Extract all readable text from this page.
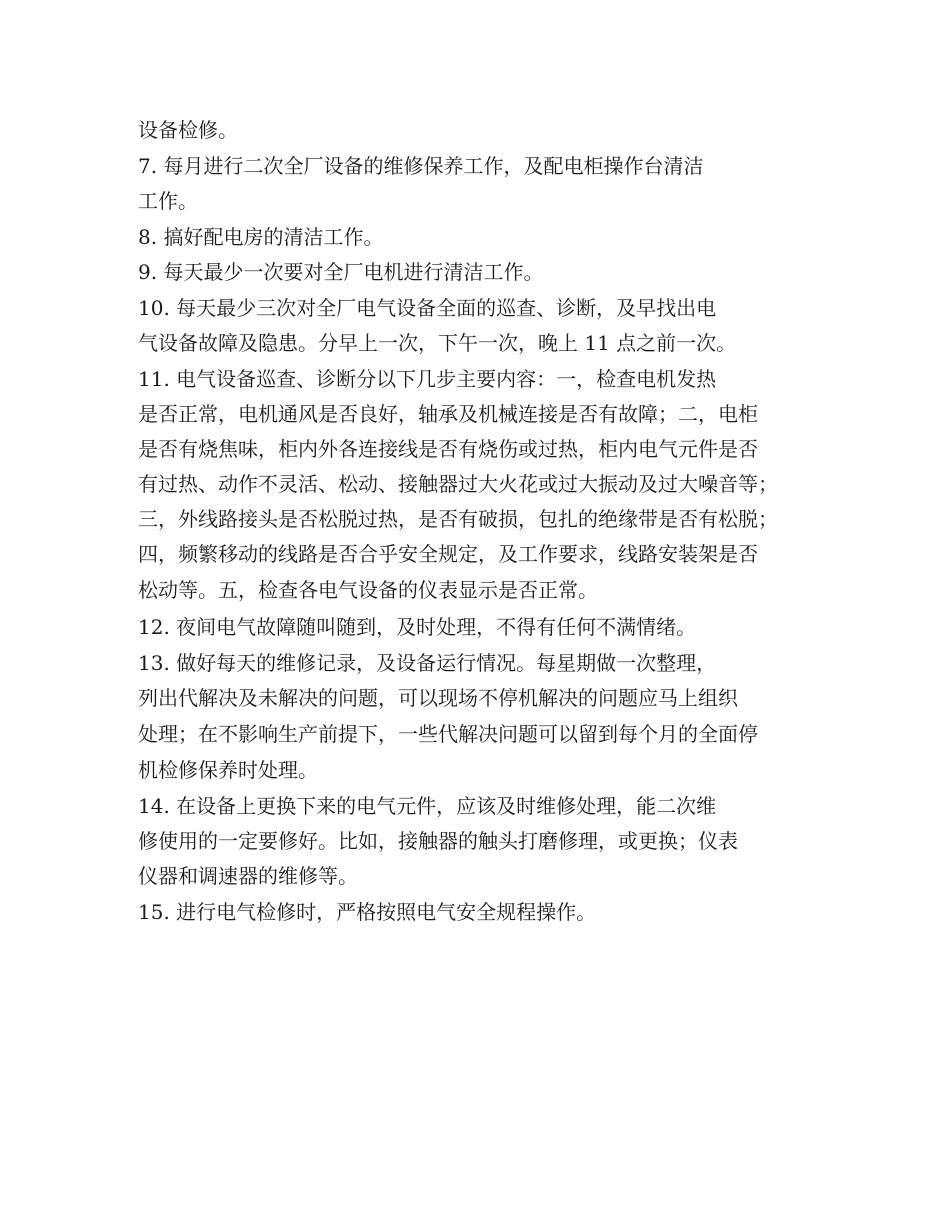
设备检修。
7. 每月进行二次全厂设备的维修保养工作，及配电柜操作台清洁
工作。
8. 搞好配电房的清洁工作。
9. 每天最少一次要对全厂电机进行清洁工作。
10. 每天最少三次对全厂电气设备全面的巡查、诊断，及早找出电
气设备故障及隐患。分早上一次，下午一次，晚上 11 点之前一次。
11. 电气设备巡查、诊断分以下几步主要内容：一，检查电机发热
是否正常，电机通风是否良好，轴承及机械连接是否有故障；二，电柜
是否有烧焦味，柜内外各连接线是否有烧伤或过热，柜内电气元件是否
有过热、动作不灵活、松动、接触器过大火花或过大振动及过大噪音等；
三，外线路接头是否松脱过热，是否有破损，包扎的绝缘带是否有松脱；
四，频繁移动的线路是否合乎安全规定，及工作要求，线路安装架是否
松动等。五，检查各电气设备的仪表显示是否正常。
12. 夜间电气故障随叫随到，及时处理，不得有任何不满情绪。
13. 做好每天的维修记录，及设备运行情况。每星期做一次整理，
列出代解决及未解决的问题，可以现场不停机解决的问题应马上组织
处理；在不影响生产前提下，一些代解决问题可以留到每个月的全面停
机检修保养时处理。
14. 在设备上更换下来的电气元件，应该及时维修处理，能二次维
修使用的一定要修好。比如，接触器的触头打磨修理，或更换；仪表
仪器和调速器的维修等。
15. 进行电气检修时，严格按照电气安全规程操作。
